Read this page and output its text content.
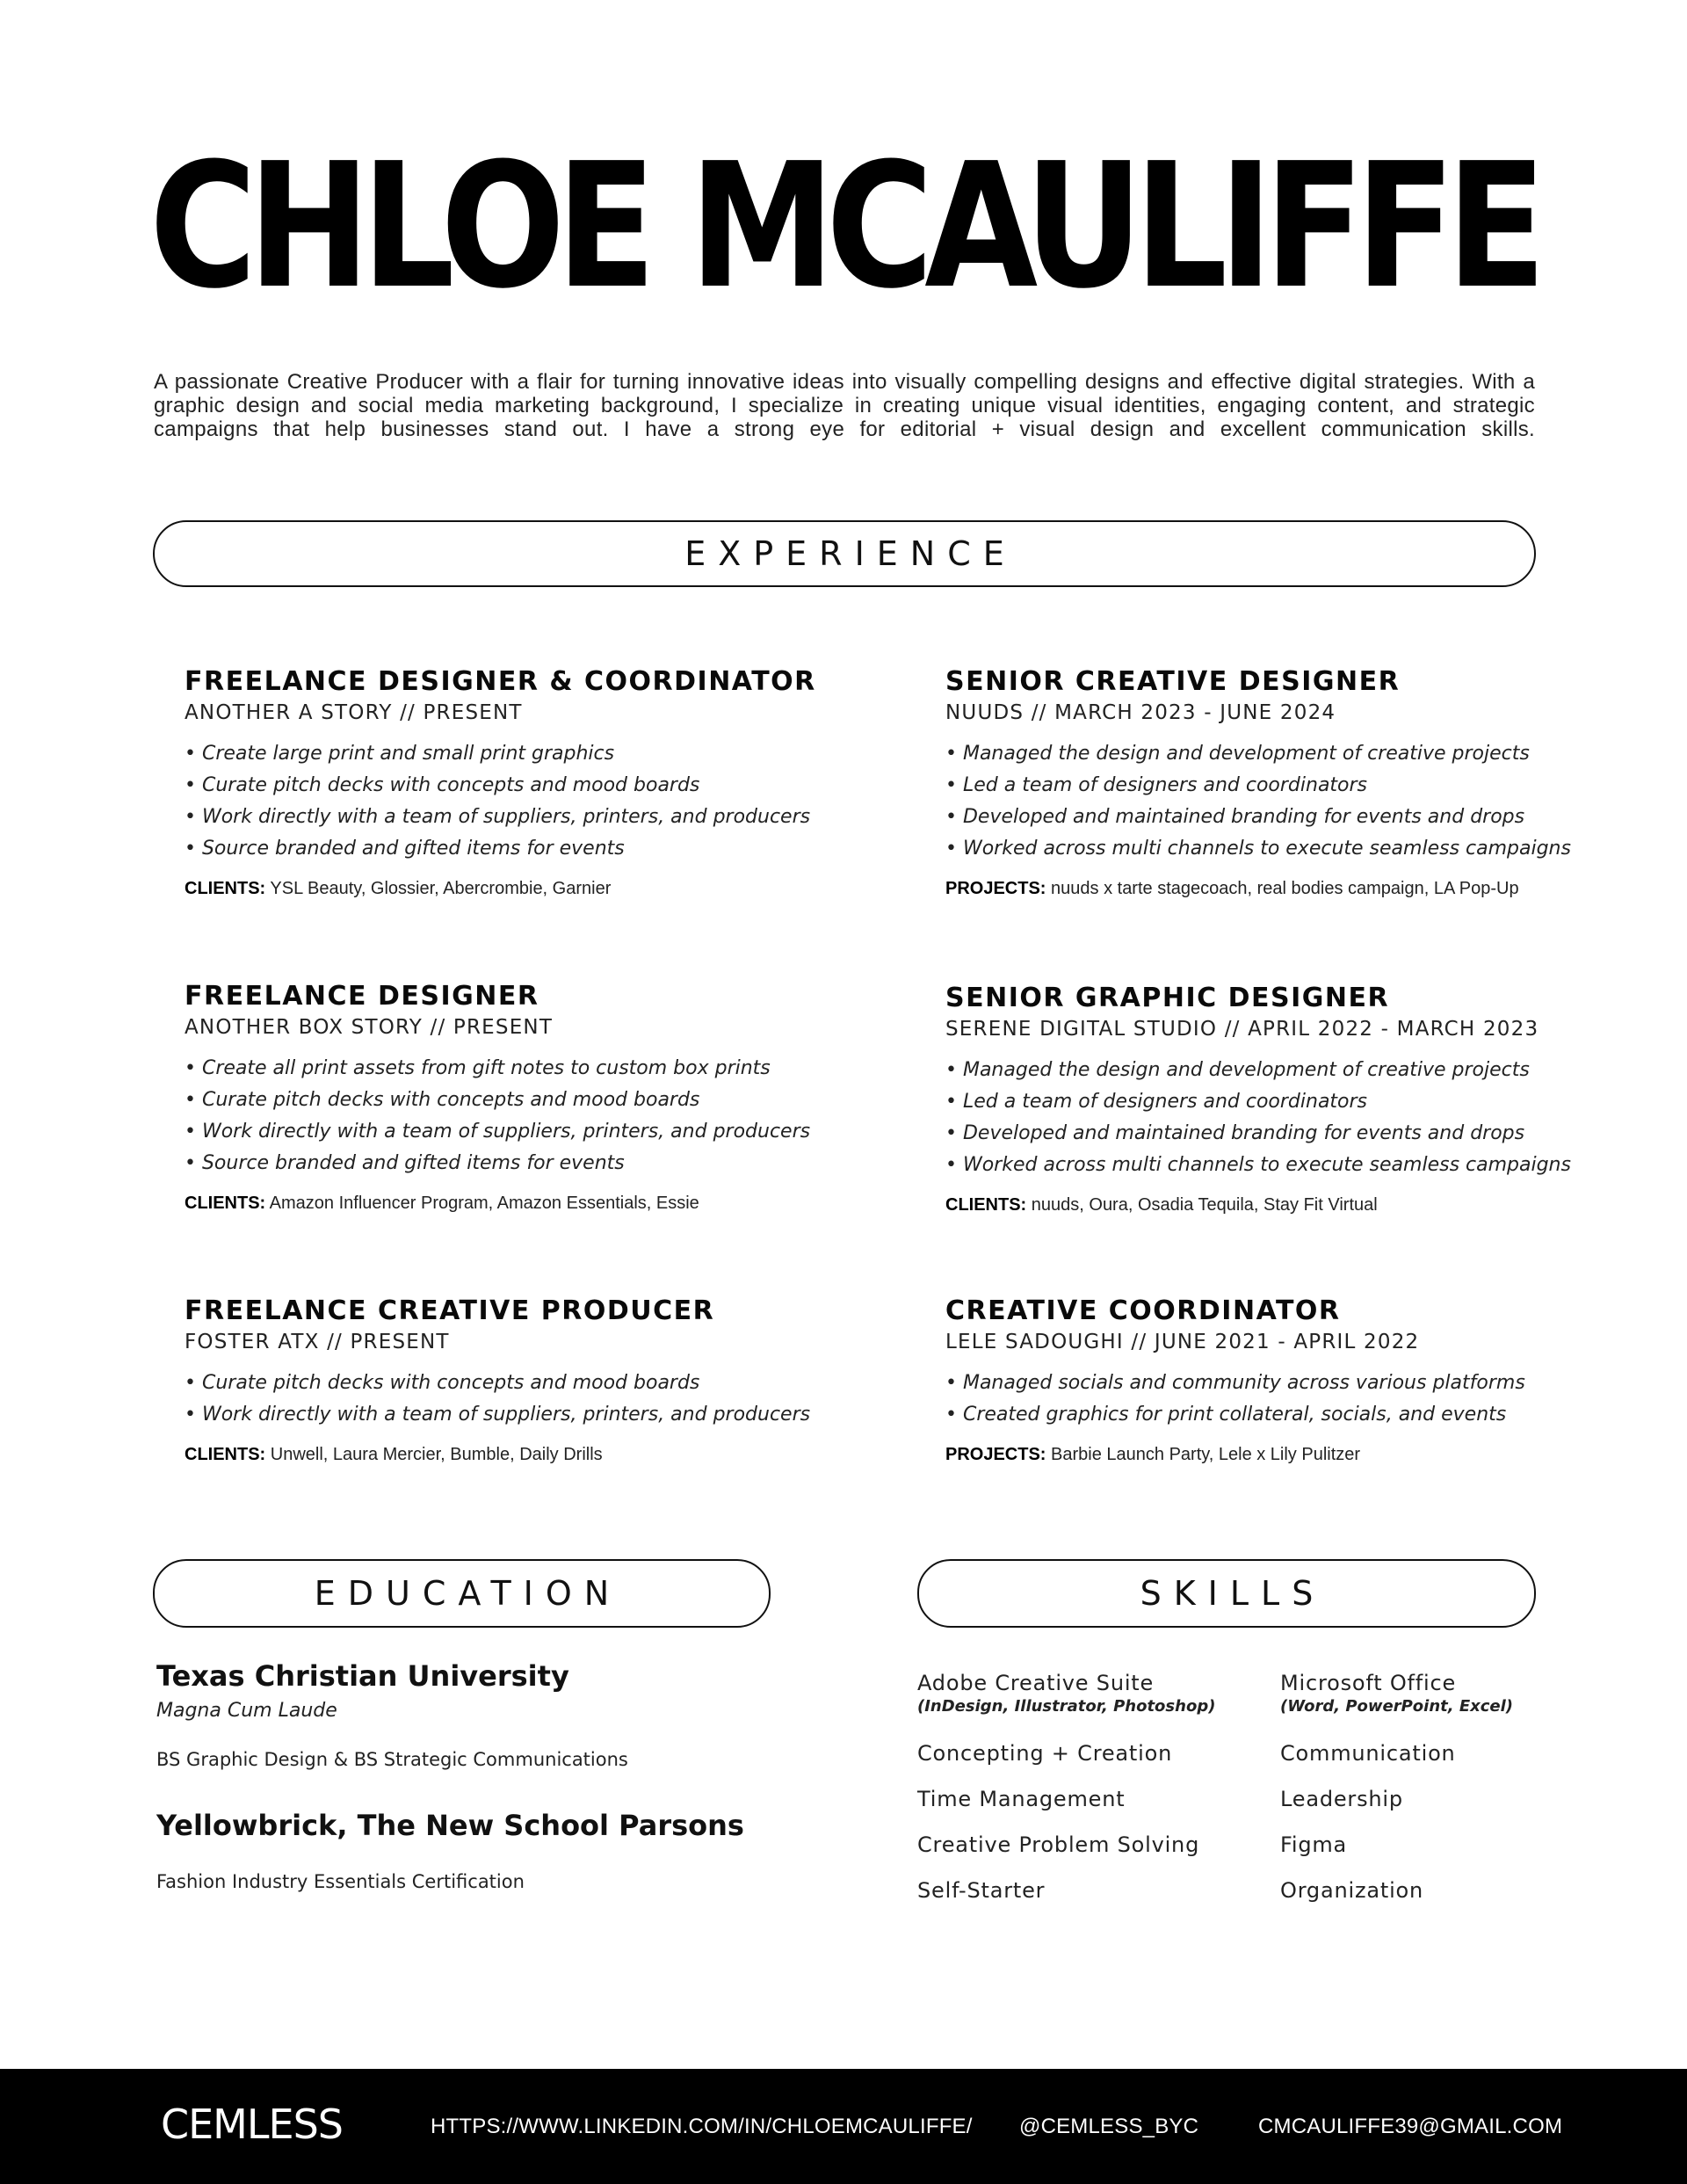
CHLOE MCAULIFFE
A passionate Creative Producer with a flair for turning innovative ideas into visually compelling designs and effective digital strategies. With a graphic design and social media marketing background, I specialize in creating unique visual identities, engaging content, and strategic campaigns that help businesses stand out. I have a strong eye for editorial + visual design and excellent communication skills.
EXPERIENCE
FREELANCE DESIGNER & COORDINATOR
ANOTHER A STORY // PRESENT
• Create large print and small print graphics
• Curate pitch decks with concepts and mood boards
• Work directly with a team of suppliers, printers, and producers
• Source branded and gifted items for events
CLIENTS: YSL Beauty, Glossier, Abercrombie, Garnier
SENIOR CREATIVE DESIGNER
NUUDS // MARCH 2023 - JUNE 2024
• Managed the design and development of creative projects
• Led a team of designers and coordinators
• Developed and maintained branding for events and drops
• Worked across multi channels to execute seamless campaigns
PROJECTS: nuuds x tarte stagecoach, real bodies campaign, LA Pop-Up
FREELANCE DESIGNER
ANOTHER BOX STORY // PRESENT
• Create all print assets from gift notes to custom box prints
• Curate pitch decks with concepts and mood boards
• Work directly with a team of suppliers, printers, and producers
• Source branded and gifted items for events
CLIENTS: Amazon Influencer Program, Amazon Essentials, Essie
SENIOR GRAPHIC DESIGNER
SERENE DIGITAL STUDIO // APRIL 2022 - MARCH 2023
• Managed the design and development of creative projects
• Led a team of designers and coordinators
• Developed and maintained branding for events and drops
• Worked across multi channels to execute seamless campaigns
CLIENTS: nuuds, Oura, Osadia Tequila, Stay Fit Virtual
FREELANCE CREATIVE PRODUCER
FOSTER ATX // PRESENT
• Curate pitch decks with concepts and mood boards
• Work directly with a team of suppliers, printers, and producers
CLIENTS: Unwell, Laura Mercier, Bumble, Daily Drills
CREATIVE COORDINATOR
LELE SADOUGHI // JUNE 2021 - APRIL 2022
• Managed socials and community across various platforms
• Created graphics for print collateral, socials, and events
PROJECTS: Barbie Launch Party, Lele x Lily Pulitzer
EDUCATION
Texas Christian University
Magna Cum Laude
BS Graphic Design & BS Strategic Communications
Yellowbrick, The New School Parsons
Fashion Industry Essentials Certification
SKILLS
Adobe Creative Suite
(InDesign, Illustrator, Photoshop)
Concepting + Creation
Time Management
Creative Problem Solving
Self-Starter
Microsoft Office
(Word, PowerPoint, Excel)
Communication
Leadership
Figma
Organization
CEMLESS	HTTPS://WWW.LINKEDIN.COM/IN/CHLOEMCAULIFFE/ @CEMLESS_BYC	CMCAULIFFE39@GMAIL.COM
